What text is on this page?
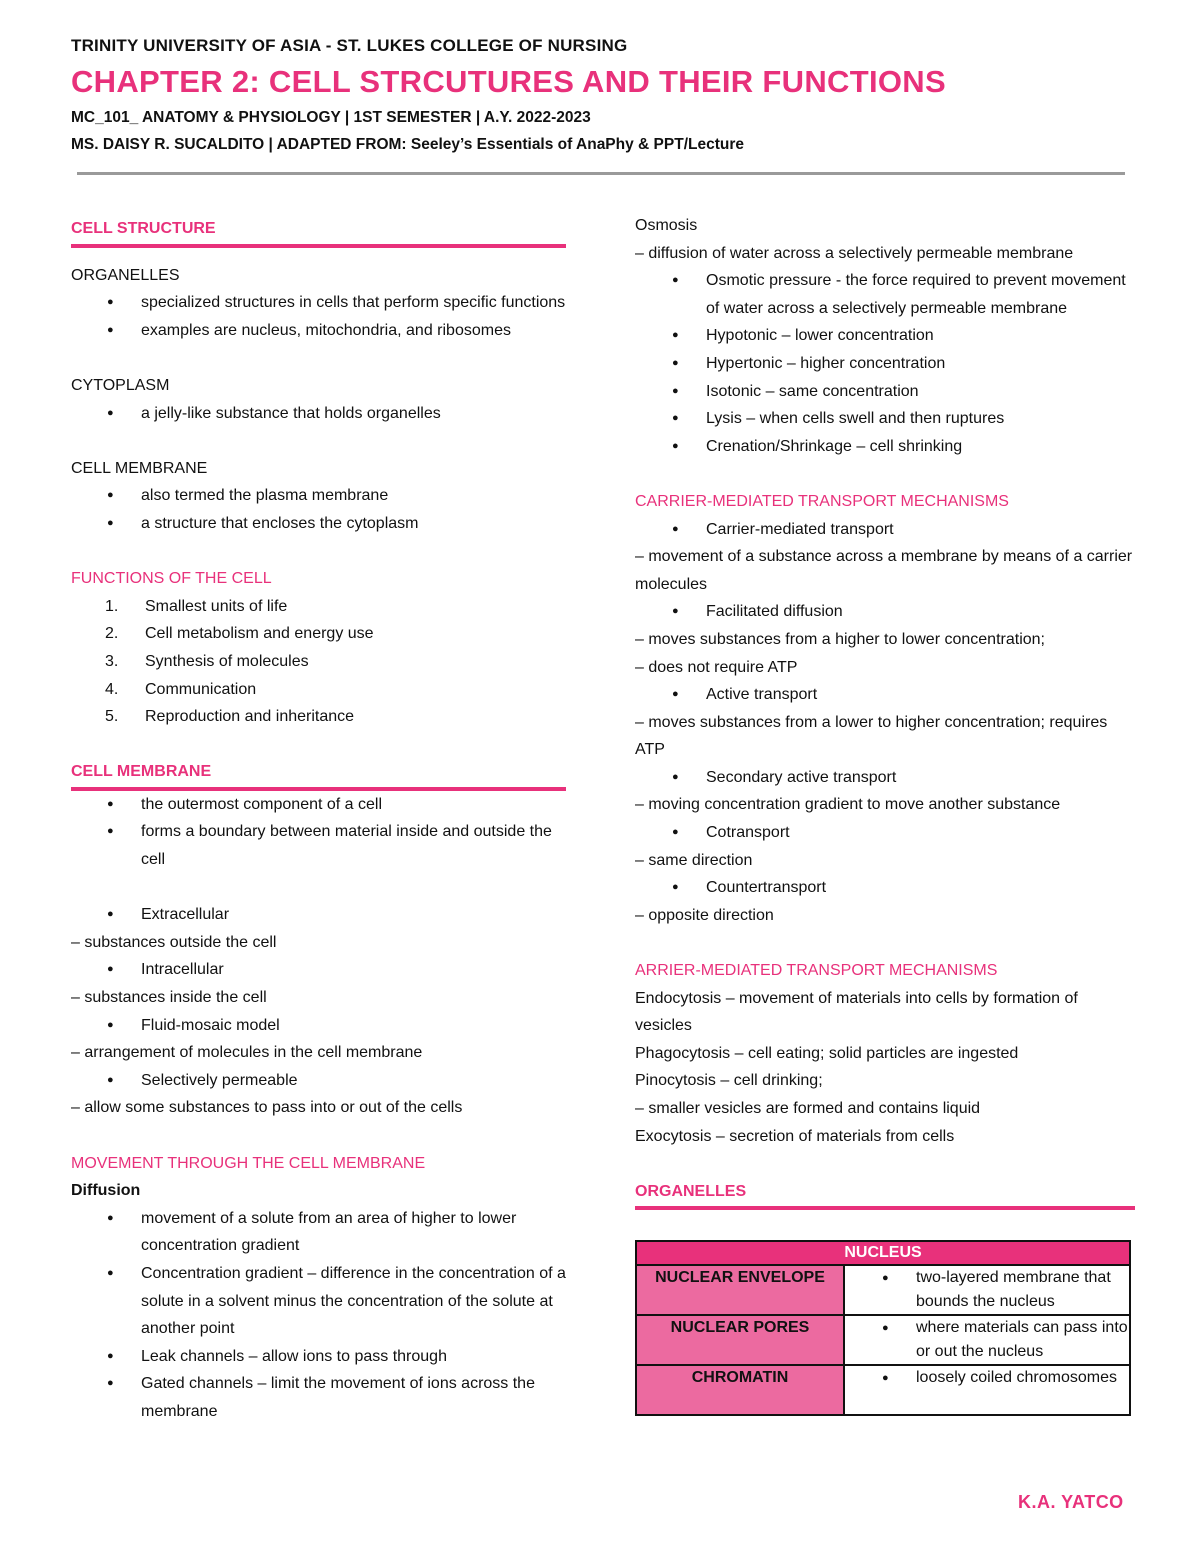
TRINITY UNIVERSITY OF ASIA - ST. LUKES COLLEGE OF NURSING
CHAPTER 2: CELL STRCUTURES AND THEIR FUNCTIONS
MC_101_ ANATOMY & PHYSIOLOGY | 1ST SEMESTER | A.Y. 2022-2023
MS. DAISY R. SUCALDITO | ADAPTED FROM: Seeley’s Essentials of AnaPhy & PPT/Lecture
CELL STRUCTURE
ORGANELLES
● specialized structures in cells that perform specific functions
● examples are nucleus, mitochondria, and ribosomes
CYTOPLASM
● a jelly-like substance that holds organelles
CELL MEMBRANE
● also termed the plasma membrane
● a structure that encloses the cytoplasm
FUNCTIONS OF THE CELL
1. Smallest units of life
2. Cell metabolism and energy use
3. Synthesis of molecules
4. Communication
5. Reproduction and inheritance
CELL MEMBRANE
● the outermost component of a cell
● forms a boundary between material inside and outside the cell
● Extracellular
– substances outside the cell
● Intracellular
– substances inside the cell
● Fluid-mosaic model
– arrangement of molecules in the cell membrane
● Selectively permeable
– allow some substances to pass into or out of the cells
MOVEMENT THROUGH THE CELL MEMBRANE
Diffusion
● movement of a solute from an area of higher to lower concentration gradient
● Concentration gradient – difference in the concentration of a solute in a solvent minus the concentration of the solute at another point
● Leak channels – allow ions to pass through
● Gated channels – limit the movement of ions across the membrane
Osmosis
– diffusion of water across a selectively permeable membrane
● Osmotic pressure - the force required to prevent movement of water across a selectively permeable membrane
● Hypotonic – lower concentration
● Hypertonic – higher concentration
● Isotonic – same concentration
● Lysis – when cells swell and then ruptures
● Crenation/Shrinkage – cell shrinking
CARRIER-MEDIATED TRANSPORT MECHANISMS
● Carrier-mediated transport
– movement of a substance across a membrane by means of a carrier molecules
● Facilitated diffusion
– moves substances from a higher to lower concentration;
– does not require ATP
● Active transport
– moves substances from a lower to higher concentration; requires ATP
● Secondary active transport
– moving concentration gradient to move another substance
● Cotransport
– same direction
● Countertransport
– opposite direction
ARRIER-MEDIATED TRANSPORT MECHANISMS
Endocytosis – movement of materials into cells by formation of vesicles
Phagocytosis – cell eating; solid particles are ingested
Pinocytosis – cell drinking;
– smaller vesicles are formed and contains liquid
Exocytosis – secretion of materials from cells
ORGANELLES
NUCLEUS	
NUCLEAR ENVELOPE	● two-layered membrane that bounds the nucleus

NUCLEAR PORES	● where materials can pass into or out the nucleus

CHROMATIN	● loosely coiled chromosomes
K.A. YATCO
